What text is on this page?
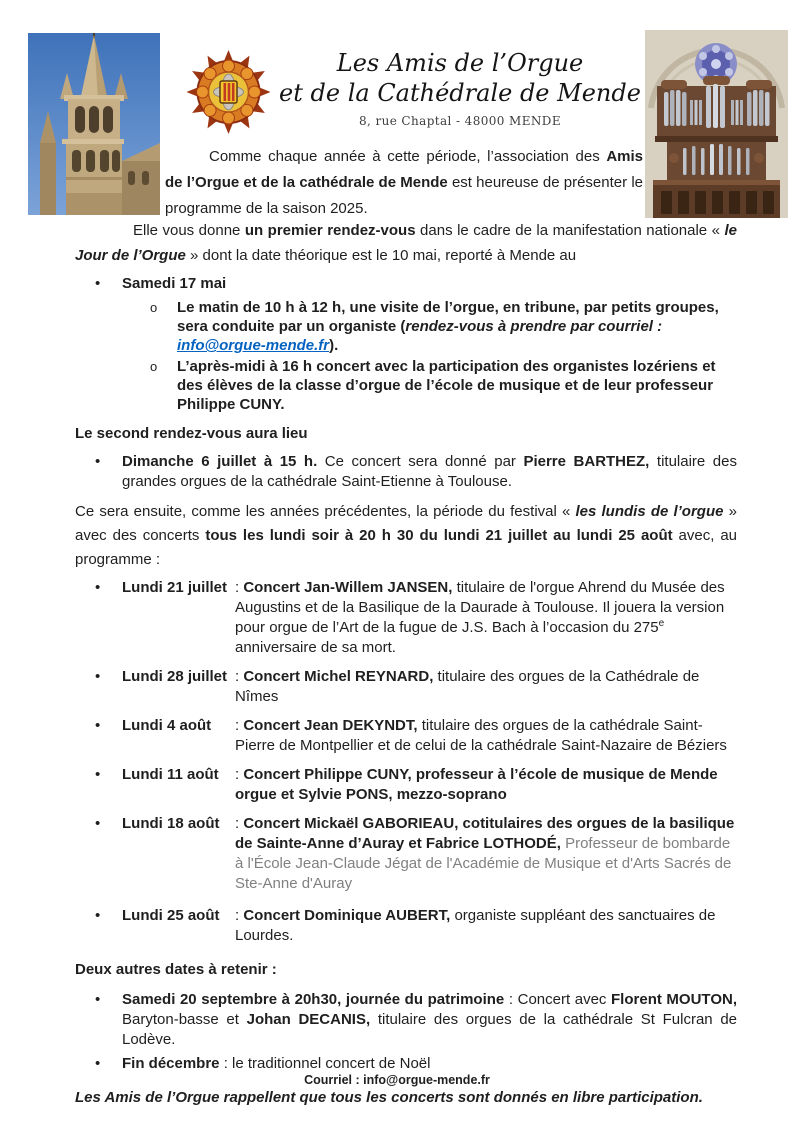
Les Amis de l’Orgue
et de la Cathédrale de Mende
8, rue Chaptal - 48000 MENDE

Comme chaque année à cette période, l’association des Amis de l’Orgue et de la cathédrale de Mende est heureuse de présenter le programme de la saison 2025.

Elle vous donne un premier rendez-vous dans le cadre de la manifestation nationale « le Jour de l’Orgue » dont la date théorique est le 10 mai, reporté à Mende au

•	Samedi 17 mai
o	Le matin de 10 h à 12 h, une visite de l’orgue, en tribune, par petits groupes, sera conduite par un organiste (rendez-vous à prendre par courriel : info@orgue-mende.fr).
o	L’après-midi à 16 h concert avec la participation des organistes lozériens et des élèves de la classe d’orgue de l’école de musique et de leur professeur Philippe CUNY.

Le second rendez-vous aura lieu

•	Dimanche 6 juillet à 15 h. Ce concert sera donné par Pierre BARTHEZ, titulaire des grandes orgues de la cathédrale Saint-Etienne à Toulouse.

Ce sera ensuite, comme les années précédentes, la période du festival « les lundis de l’orgue » avec des concerts tous les lundi soir à 20 h 30 du lundi 21 juillet au lundi 25 août avec, au programme :

•	Lundi 21 juillet : Concert Jan-Willem JANSEN, titulaire de l'orgue Ahrend du Musée des Augustins et de la Basilique de la Daurade à Toulouse. Il jouera la version pour orgue de l’Art de la fugue de J.S. Bach à l’occasion du 275e anniversaire de sa mort.
•	Lundi 28 juillet : Concert Michel REYNARD, titulaire des orgues de la Cathédrale de Nîmes
•	Lundi 4 août	: Concert Jean DEKYNDT, titulaire des orgues de la cathédrale Saint-Pierre de Montpellier et de celui de la cathédrale Saint-Nazaire de Béziers
•	Lundi 11 août	: Concert Philippe CUNY, professeur à l’école de musique de Mende orgue et Sylvie PONS, mezzo-soprano
•	Lundi 18 août	: Concert Mickaël GABORIEAU, cotitulaires des orgues de la basilique de Sainte-Anne d’Auray et Fabrice LOTHODÉ, Professeur de bombarde à l'École Jean-Claude Jégat de l'Académie de Musique et d'Arts Sacrés de Ste-Anne d'Auray
•	Lundi 25 août	: Concert Dominique AUBERT, organiste suppléant des sanctuaires de Lourdes.

Deux autres dates à retenir :

•	Samedi 20 septembre à 20h30, journée du patrimoine : Concert avec Florent MOUTON, Baryton-basse et Johan DECANIS, titulaire des orgues de la cathédrale St Fulcran de Lodève.
•	Fin décembre : le traditionnel concert de Noël

Les Amis de l’Orgue rappellent que tous les concerts sont donnés en libre participation.

Courriel : info@orgue-mende.fr
